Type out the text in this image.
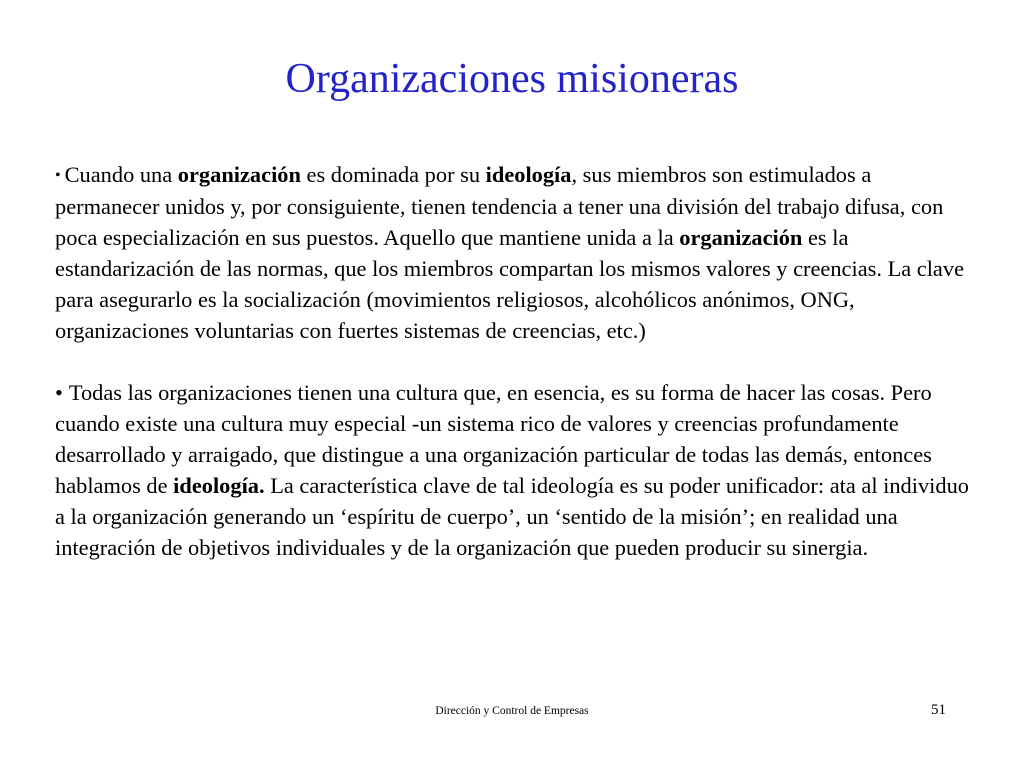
Organizaciones misioneras

• Cuando una organización es dominada por su ideología, sus miembros son estimulados a permanecer unidos y, por consiguiente, tienen tendencia a tener una división del trabajo difusa, con poca especialización en sus puestos. Aquello que mantiene unida a la organización es la estandarización de las normas, que los miembros compartan los mismos valores y creencias. La clave para asegurarlo es la socialización (movimientos religiosos, alcohólicos anónimos, ONG, organizaciones voluntarias con fuertes sistemas de creencias, etc.)

• Todas las organizaciones tienen una cultura que, en esencia, es su forma de hacer las cosas. Pero cuando existe una cultura muy especial -un sistema rico de valores y creencias profundamente desarrollado y arraigado, que distingue a una organización particular de todas las demás, entonces hablamos de ideología. La característica clave de tal ideología es su poder unificador: ata al individuo a la organización generando un ‘espíritu de cuerpo’, un ‘sentido de la misión’; en realidad una integración de objetivos individuales y de la organización que pueden producir su sinergia.

Dirección y Control de Empresas	51
